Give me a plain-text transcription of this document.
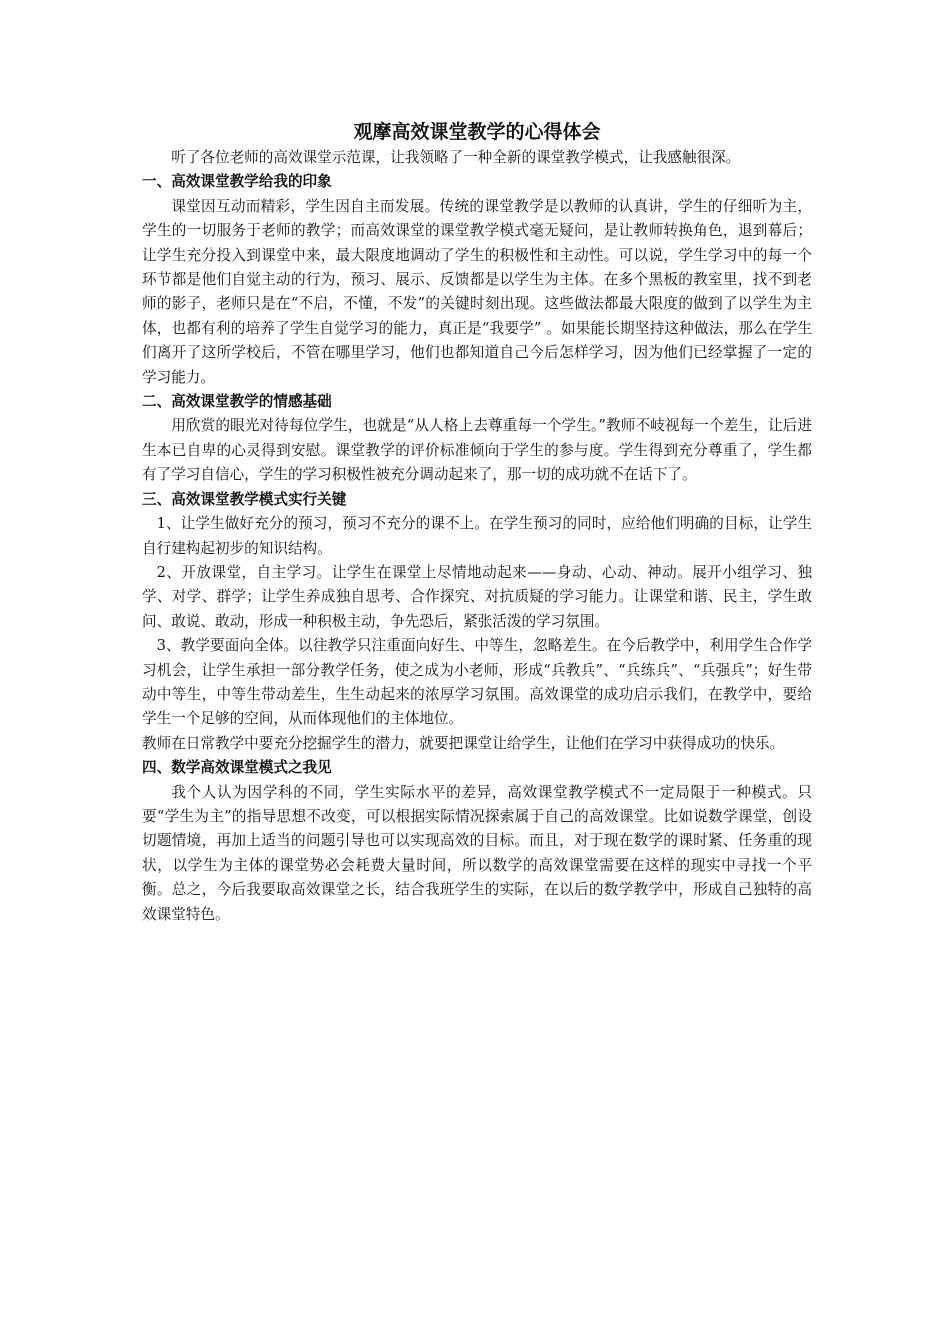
观摩高效课堂教学的心得体会

听了各位老师的高效课堂示范课，让我领略了一种全新的课堂教学模式，让我感触很深。

一、高效课堂教学给我的印象

课堂因互动而精彩，学生因自主而发展。传统的课堂教学是以教师的认真讲，学生的仔细听为主，学生的一切服务于老师的教学；而高效课堂的课堂教学模式毫无疑问，是让教师转换角色，退到幕后；让学生充分投入到课堂中来，最大限度地调动了学生的积极性和主动性。可以说，学生学习中的每一个环节都是他们自觉主动的行为，预习、展示、反馈都是以学生为主体。在多个黑板的教室里，找不到老师的影子，老师只是在“不启，不懂，不发”的关键时刻出现。这些做法都最大限度的做到了以学生为主体，也都有利的培养了学生自觉学习的能力，真正是“我要学” 。如果能长期坚持这种做法，那么在学生们离开了这所学校后，不管在哪里学习，他们也都知道自己今后怎样学习，因为他们已经掌握了一定的学习能力。

二、高效课堂教学的情感基础

用欣赏的眼光对待每位学生，也就是“从人格上去尊重每一个学生。”教师不岐视每一个差生，让后进生本已自卑的心灵得到安慰。课堂教学的评价标准倾向于学生的参与度。学生得到充分尊重了，学生都有了学习自信心，学生的学习积极性被充分调动起来了，那一切的成功就不在话下了。

三、高效课堂教学模式实行关键

1、让学生做好充分的预习，预习不充分的课不上。在学生预习的同时，应给他们明确的目标，让学生自行建构起初步的知识结构。

2、开放课堂，自主学习。让学生在课堂上尽情地动起来——身动、心动、神动。展开小组学习、独学、对学、群学；让学生养成独自思考、合作探究、对抗质疑的学习能力。让课堂和谐、民主，学生敢问、敢说、敢动，形成一种积极主动，争先恐后，紧张活泼的学习氛围。

3、教学要面向全体。以往教学只注重面向好生、中等生，忽略差生。在今后教学中，利用学生合作学习机会，让学生承担一部分教学任务，使之成为小老师，形成“兵教兵”、“兵练兵”、“兵强兵”；好生带动中等生，中等生带动差生，生生动起来的浓厚学习氛围。高效课堂的成功启示我们，在教学中，要给学生一个足够的空间，从而体现他们的主体地位。

教师在日常教学中要充分挖掘学生的潜力，就要把课堂让给学生，让他们在学习中获得成功的快乐。

四、数学高效课堂模式之我见

我个人认为因学科的不同，学生实际水平的差异，高效课堂教学模式不一定局限于一种模式。只要“学生为主”的指导思想不改变，可以根据实际情况探索属于自己的高效课堂。比如说数学课堂，创设切题情境，再加上适当的问题引导也可以实现高效的目标。而且，对于现在数学的课时紧、任务重的现状，以学生为主体的课堂势必会耗费大量时间，所以数学的高效课堂需要在这样的现实中寻找一个平衡。总之，今后我要取高效课堂之长，结合我班学生的实际，在以后的数学教学中，形成自己独特的高效课堂特色。
